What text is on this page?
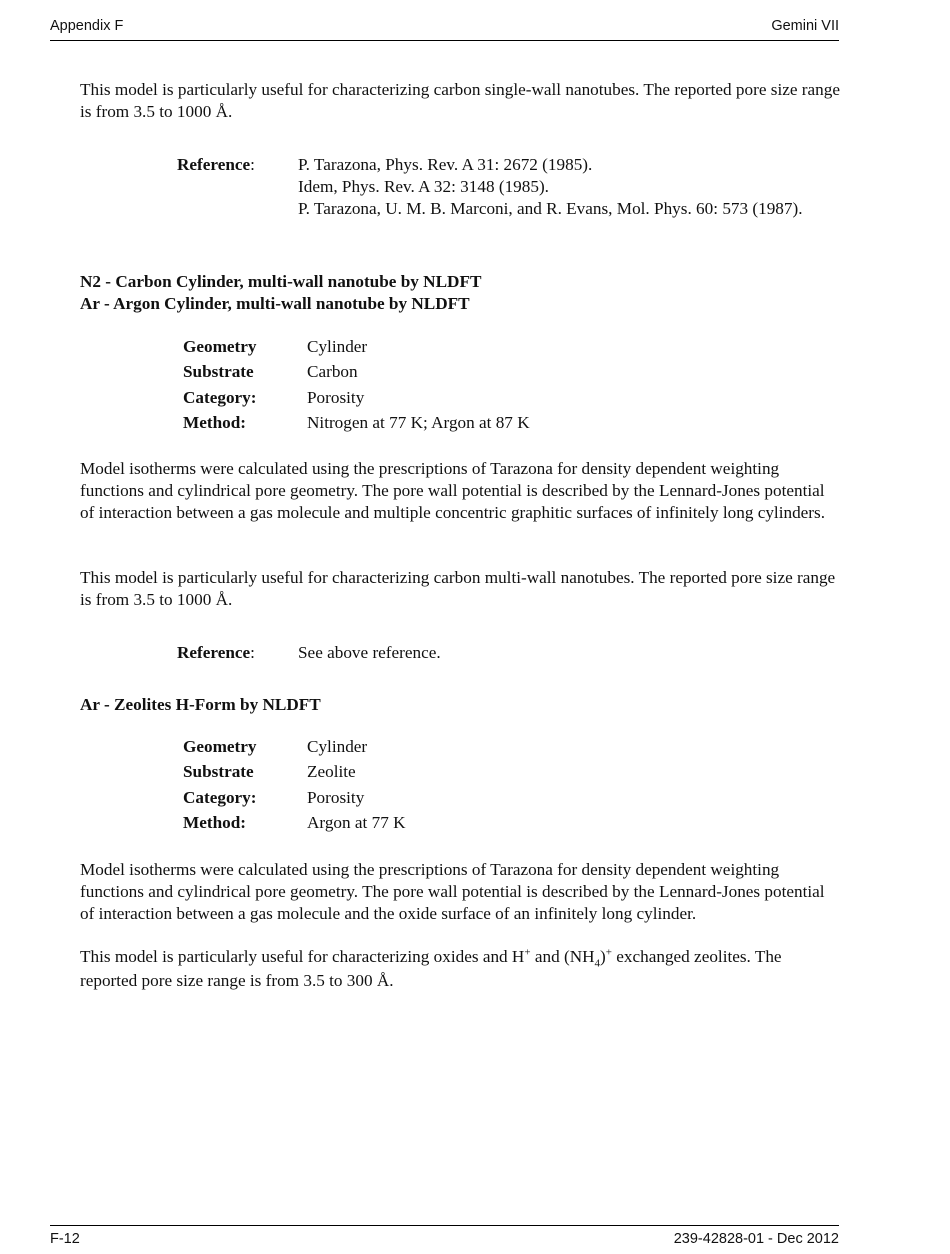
Appendix F	Gemini VII

This model is particularly useful for characterizing carbon single-wall nanotubes. The reported pore size range is from 3.5 to 1000 Å.

Reference:	P. Tarazona, Phys. Rev. A 31: 2672 (1985).
Idem, Phys. Rev. A 32: 3148 (1985).
P. Tarazona, U. M. B. Marconi, and R. Evans, Mol. Phys. 60: 573 (1987).

N2 - Carbon Cylinder, multi-wall nanotube by NLDFT

Ar - Argon Cylinder, multi-wall nanotube by NLDFT

Geometry	Cylinder
Substrate	Carbon
Category:	Porosity
Method:	Nitrogen at 77 K; Argon at 87 K

Model isotherms were calculated using the prescriptions of Tarazona for density dependent weighting functions and cylindrical pore geometry. The pore wall potential is described by the Lennard-Jones potential of interaction between a gas molecule and multiple concentric graphitic surfaces of infinitely long cylinders.

This model is particularly useful for characterizing carbon multi-wall nanotubes. The reported pore size range is from 3.5 to 1000 Å.

Reference:	See above reference.

Ar - Zeolites H-Form by NLDFT

Geometry	Cylinder
Substrate	Zeolite
Category:	Porosity
Method:	Argon at 77 K

Model isotherms were calculated using the prescriptions of Tarazona for density dependent weighting functions and cylindrical pore geometry. The pore wall potential is described by the Lennard-Jones potential of interaction between a gas molecule and the oxide surface of an infinitely long cylinder.

This model is particularly useful for characterizing oxides and H+ and $(NH_4)^+$ exchanged zeolites. The reported pore size range is from 3.5 to 300 Å.

F-12	239-42828-01 - Dec 2012
